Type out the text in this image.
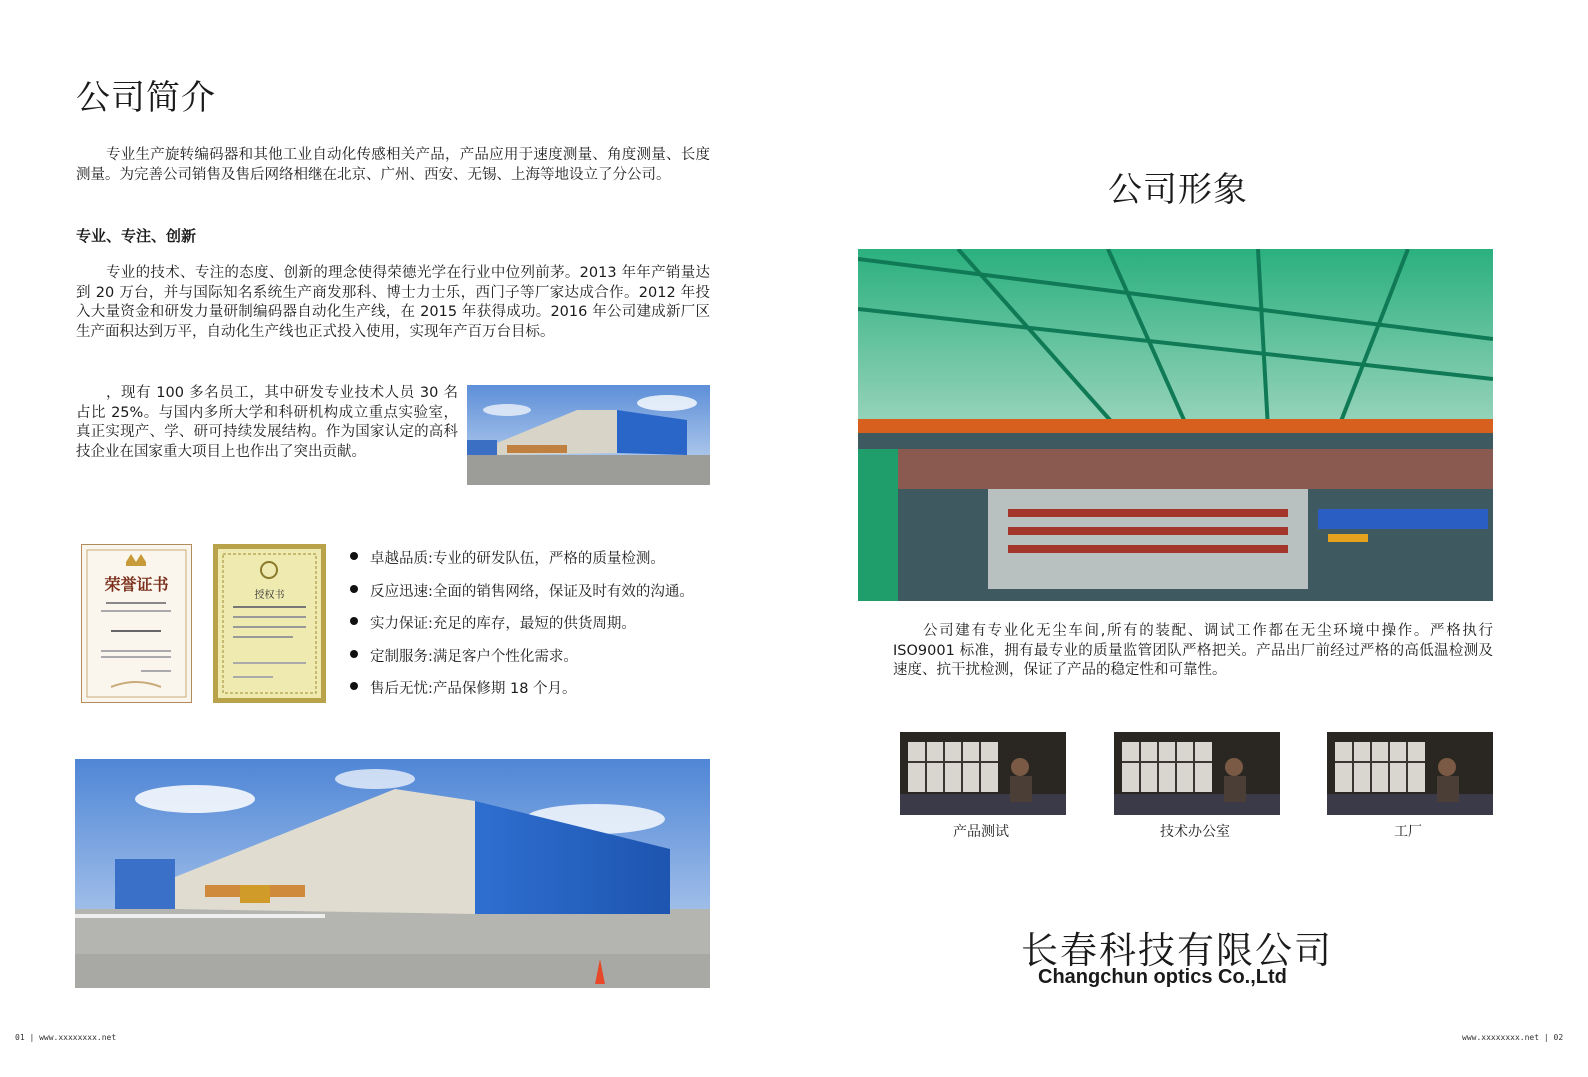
公司简介
专业生产旋转编码器和其他工业自动化传感相关产品，产品应用于速度测量、角度测量、长度测量。为完善公司销售及售后网络相继在北京、广州、西安、无锡、上海等地设立了分公司。
专业、专注、创新
专业的技术、专注的态度、创新的理念使得荣德光学在行业中位列前茅。2013 年年产销量达到 20 万台，并与国际知名系统生产商发那科、博士力士乐，西门子等厂家达成合作。2012 年投入大量资金和研发力量研制编码器自动化生产线，在 2015 年获得成功。2016 年公司建成新厂区生产面积达到万平，自动化生产线也正式投入使用，实现年产百万台目标。
，现有 100 多名员工，其中研发专业技术人员 30 名占比 25%。与国内多所大学和科研机构成立重点实验室，真正实现产、学、研可持续发展结构。作为国家认定的高科技企业在国家重大项目上也作出了突出贡献。
荣誉证书
授权书
卓越品质:专业的研发队伍，严格的质量检测。
反应迅速:全面的销售网络，保证及时有效的沟通。
实力保证:充足的库存，最短的供货周期。
定制服务:满足客户个性化需求。
售后无忧:产品保修期 18 个月。
01 | www.xxxxxxxx.net
公司形象
公司建有专业化无尘车间,所有的装配、调试工作都在无尘环境中操作。严格执行ISO9001 标准，拥有最专业的质量监管团队严格把关。产品出厂前经过严格的高低温检测及速度、抗干扰检测，保证了产品的稳定性和可靠性。
产品测试	技术办公室	工厂
长春科技有限公司
Changchun optics Co.,Ltd
www.xxxxxxxx.net | 02
